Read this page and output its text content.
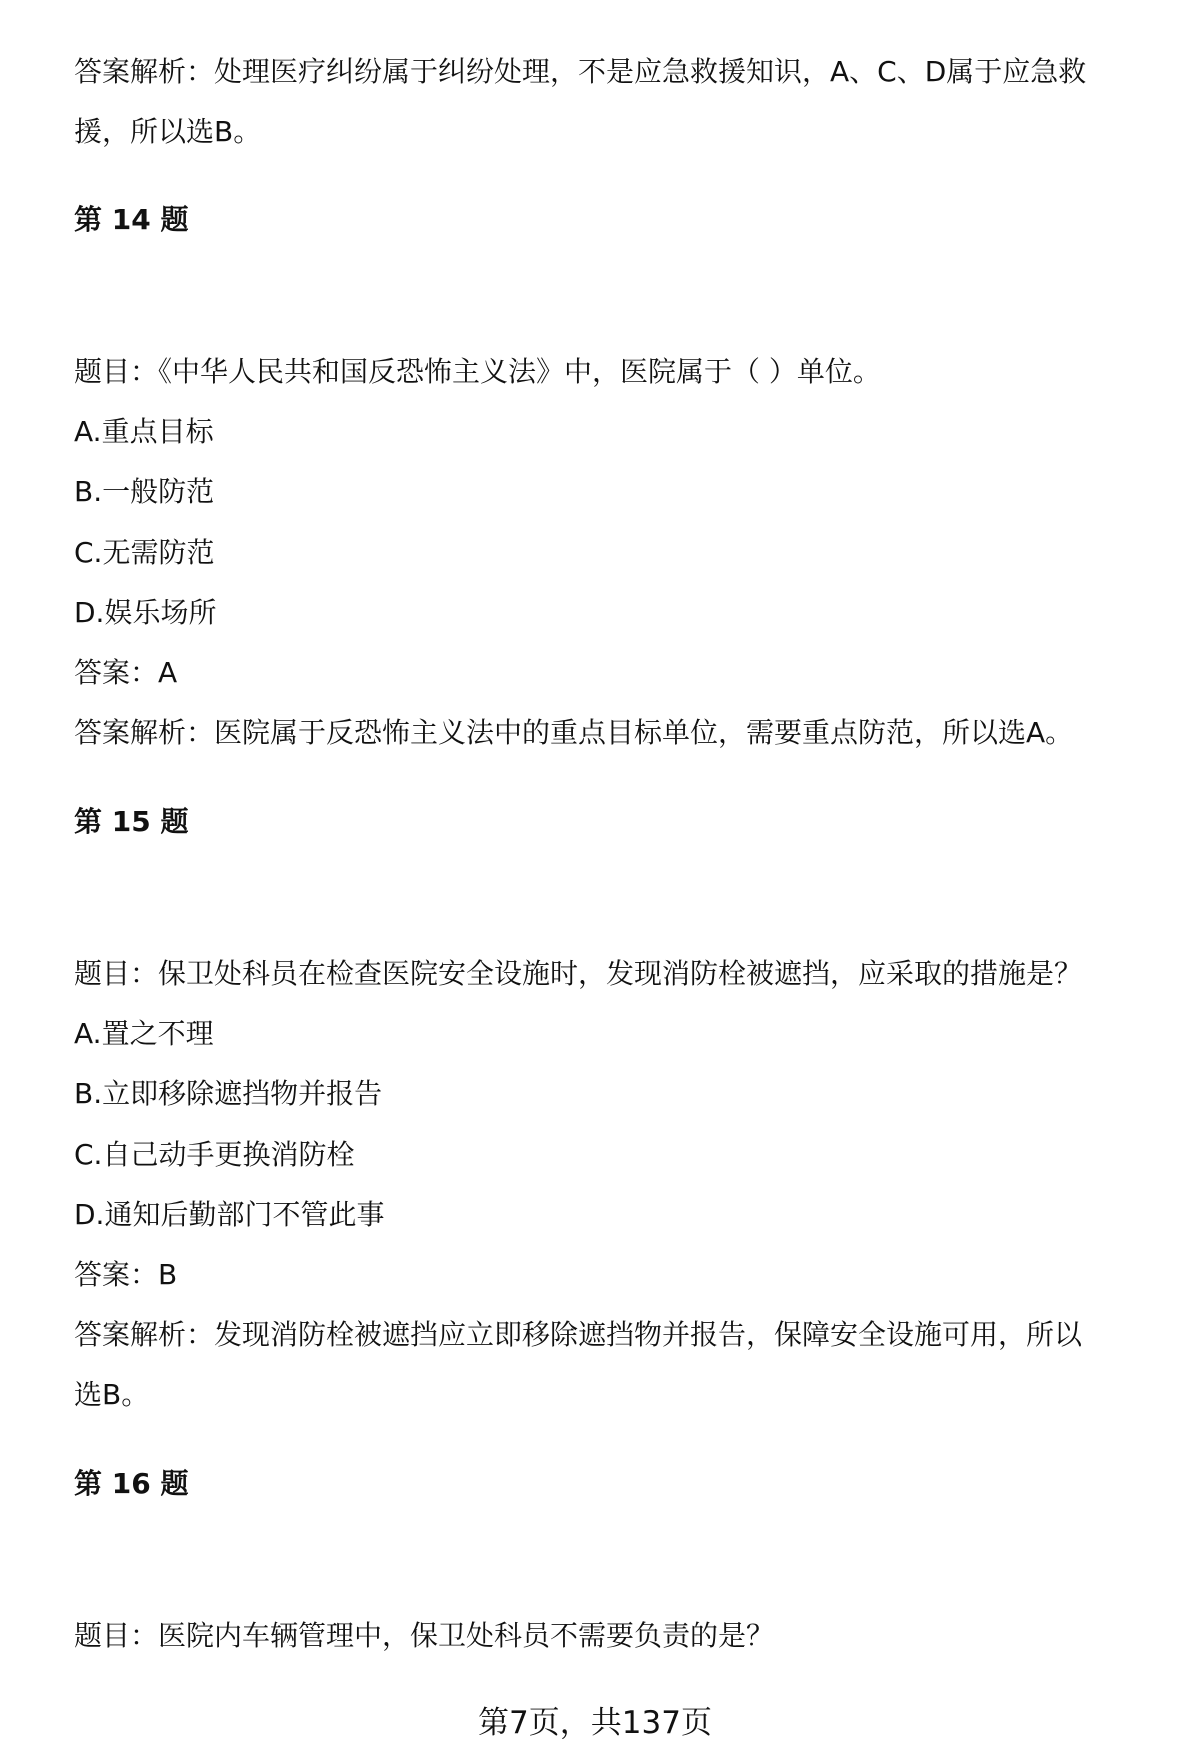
答案解析：处理医疗纠纷属于纠纷处理，不是应急救援知识，A、C、D属于应急救
援，所以选B。
第 14 题
题目：《中华人民共和国反恐怖主义法》中，医院属于（ ）单位。
A.重点目标
B.一般防范
C.无需防范
D.娱乐场所
答案：A
答案解析：医院属于反恐怖主义法中的重点目标单位，需要重点防范，所以选A。
第 15 题
题目：保卫处科员在检查医院安全设施时，发现消防栓被遮挡，应采取的措施是？
A.置之不理
B.立即移除遮挡物并报告
C.自己动手更换消防栓
D.通知后勤部门不管此事
答案：B
答案解析：发现消防栓被遮挡应立即移除遮挡物并报告，保障安全设施可用，所以
选B。
第 16 题
题目：医院内车辆管理中，保卫处科员不需要负责的是？
第7页，共137页
